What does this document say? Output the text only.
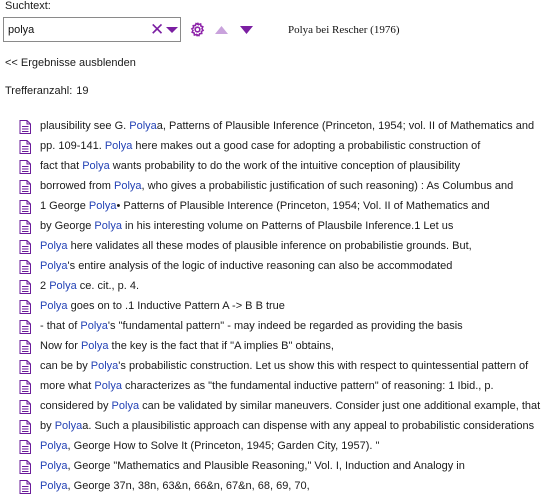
Suchtext:
polya
✕	Polya bei Rescher (1976)
<< Ergebnisse ausblenden
Trefferanzahl: 19
plausibility see G. Polyaa, Patterns of Plausible Inference (Princeton, 1954; vol. II of Mathematics and
pp. 109-141. Polya here makes out a good case for adopting a probabilistic construction of
fact that Polya wants probability to do the work of the intuitive conception of plausibility
borrowed from Polya, who gives a probabilistic justification of such reasoning) : As Columbus and
1 George Polya• Patterns of Plausible Interence (Princeton, 1954; Vol. II of Mathematics and
by George Polya in his interesting volume on Patterns of Plausbile Inference.1 Let us
Polya here validates all these modes of plausible inference on probabilistie grounds. But,
Polya's entire analysis of the logic of inductive reasoning can also be accommodated
2 Polya ce. cit., p. 4.
Polya goes on to .1 Inductive Pattern A -> B B true
- that of Polya's "fundamental pattern" - may indeed be regarded as providing the basis
Now for Polya the key is the fact that if "A implies B" obtains,
can be by Polya's probabilistic construction. Let us show this with respect to quintessential pattern of
more what Polya characterizes as "the fundamental inductive pattern" of reasoning: 1 Ibid., p.
considered by Polya can be validated by similar maneuvers. Consider just one additional example, that
by Polyaa. Such a plausibilistic approach can dispense with any appeal to probabilistic considerations
Polya, George How to Solve It (Princeton, 1945; Garden City, 1957). "
Polya, George "Mathematics and Plausible Reasoning," Vol. I, Induction and Analogy in
Polya, George 37n, 38n, 63&n, 66&n, 67&n, 68, 69, 70,
